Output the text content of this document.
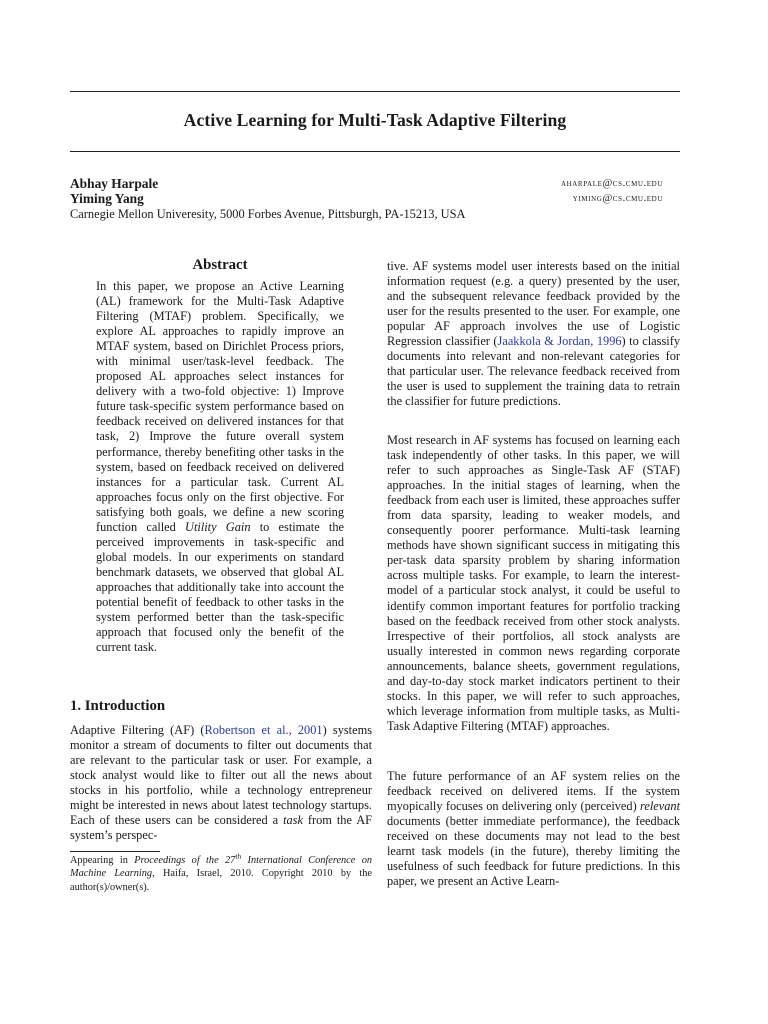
Active Learning for Multi-Task Adaptive Filtering
Abhay Harpale	aharpale@cs.cmu.edu
Yiming Yang	yiming@cs.cmu.edu
Carnegie Mellon Univeresity, 5000 Forbes Avenue, Pittsburgh, PA-15213, USA
Abstract

In this paper, we propose an Active Learning (AL) framework for the Multi-Task Adaptive Filtering (MTAF) problem. Specifically, we explore AL approaches to rapidly improve an MTAF system, based on Dirichlet Process priors, with minimal user/task-level feedback. The proposed AL approaches select instances for delivery with a two-fold objective: 1) Improve future task-specific system performance based on feedback received on delivered instances for that task, 2) Improve the future overall system performance, thereby benefiting other tasks in the system, based on feedback received on delivered instances for a particular task. Current AL approaches focus only on the first objective. For satisfying both goals, we define a new scoring function called Utility Gain to estimate the perceived improvements in task-specific and global models. In our experiments on standard benchmark datasets, we observed that global AL approaches that additionally take into account the potential benefit of feedback to other tasks in the system performed better than the task-specific approach that focused only the benefit of the current task.

1. Introduction

Adaptive Filtering (AF) (Robertson et al., 2001) systems monitor a stream of documents to filter out documents that are relevant to the particular task or user. For example, a stock analyst would like to filter out all the news about stocks in his portfolio, while a technology entrepreneur might be interested in news about latest technology startups. Each of these users can be considered a task from the AF system’s perspec-

Appearing in Proceedings of the 27th International Conference on Machine Learning, Haifa, Israel, 2010. Copyright 2010 by the author(s)/owner(s).

tive. AF systems model user interests based on the initial information request (e.g. a query) presented by the user, and the subsequent relevance feedback provided by the user for the results presented to the user. For example, one popular AF approach involves the use of Logistic Regression classifier (Jaakkola & Jordan, 1996) to classify documents into relevant and non-relevant categories for that particular user. The relevance feedback received from the user is used to supplement the training data to retrain the classifier for future predictions.

Most research in AF systems has focused on learning each task independently of other tasks. In this paper, we will refer to such approaches as Single-Task AF (STAF) approaches. In the initial stages of learning, when the feedback from each user is limited, these approaches suffer from data sparsity, leading to weaker models, and consequently poorer performance. Multi-task learning methods have shown significant success in mitigating this per-task data sparsity problem by sharing information across multiple tasks. For example, to learn the interest-model of a particular stock analyst, it could be useful to identify common important features for portfolio tracking based on the feedback received from other stock analysts. Irrespective of their portfolios, all stock analysts are usually interested in common news regarding corporate announcements, balance sheets, government regulations, and day-to-day stock market indicators pertinent to their stocks. In this paper, we will refer to such approaches, which leverage information from multiple tasks, as Multi-Task Adaptive Filtering (MTAF) approaches.

The future performance of an AF system relies on the feedback received on delivered items. If the system myopically focuses on delivering only (perceived) relevant documents (better immediate performance), the feedback received on these documents may not lead to the best learnt task models (in the future), thereby limiting the usefulness of such feedback for future predictions. In this paper, we present an Active Learn-
